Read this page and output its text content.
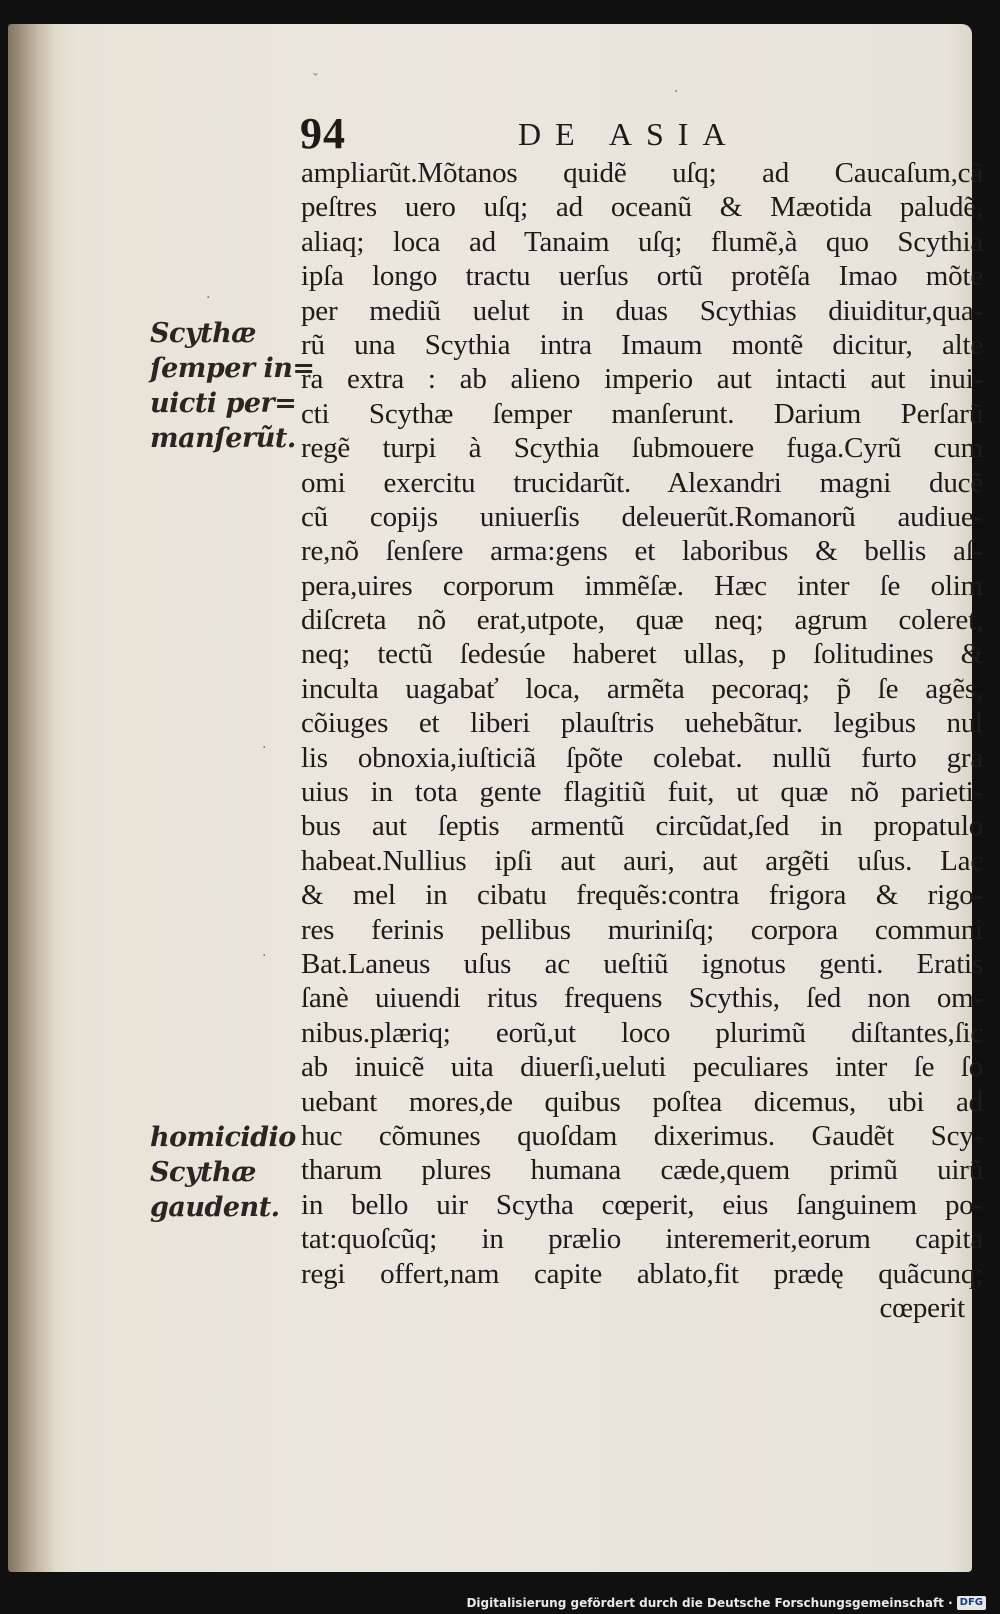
ˇ
·
·
·
·
94	DE ASIA
ampliarũt.Mõtanos quidẽ uſq; ad Caucaſum,cã
peſtres uero uſq; ad oceanũ & Mæotida paludẽ,
aliaq; loca ad Tanaim uſq; flumẽ,à quo Scythia
ipſa longo tractu uerſus ortũ protẽſa Imao mõte
per mediũ uelut in duas Scythias diuiditur,qua-
rũ una Scythia intra Imaum montẽ dicitur, alte
ra extra : ab alieno imperio aut intacti aut inui-
cti Scythæ ſemper manſerunt. Darium Perſarũ
regẽ turpi à Scythia ſubmouere fuga.Cyrũ cum
omi exercitu trucidarũt. Alexandri magni ducẽ
cũ copijs uniuerſis deleuerũt.Romanorũ audiue-
re,nõ ſenſere arma:gens et laboribus & bellis aſ-
pera,uires corporum immẽſæ. Hæc inter ſe olim
diſcreta nõ erat,utpote, quæ neq; agrum coleret,
neq; tectũ ſedesúe haberet ullas, p ſolitudines &
inculta uagabať loca, armẽta pecoraq; p̃ ſe agẽs,
cõiuges et liberi plauſtris uehebãtur. legibus nul
lis obnoxia,iuſticiã ſpõte colebat. nullũ furto gra
uius in tota gente flagitiũ fuit, ut quæ nõ parieti-
bus aut ſeptis armentũ circũdat,ſed in propatulo
habeat.Nullius ipſi aut auri, aut argẽti uſus. Lac
& mel in cibatu frequẽs:contra frigora & rigo-
res ferinis pellibus muriniſq; corpora communi
Bat.Laneus uſus ac ueſtiũ ignotus genti. Eratis
ſanè uiuendi ritus frequens Scythis, ſed non om-
nibus.plæriq; eorũ,ut loco plurimũ diſtantes,ſic
ab inuicẽ uita diuerſi,ueluti peculiares inter ſe ſo
uebant mores,de quibus poſtea dicemus, ubi ad
huc cõmunes quoſdam dixerimus. Gaudẽt Scy-
tharum plures humana cæde,quem primũ uirũ
in bello uir Scytha cœperit, eius ſanguinem po-
tat:quoſcũq; in prælio interemerit,eorum capita
regi offert,nam capite ablato,fit prædę quãcunq;
cœperit
Scythæ
ſemper in=
uicti per=
manſerũt.
homicidio
Scythæ
gaudent.
Digitalisierung gefördert durch die Deutsche Forschungsgemeinschaft · DFG
